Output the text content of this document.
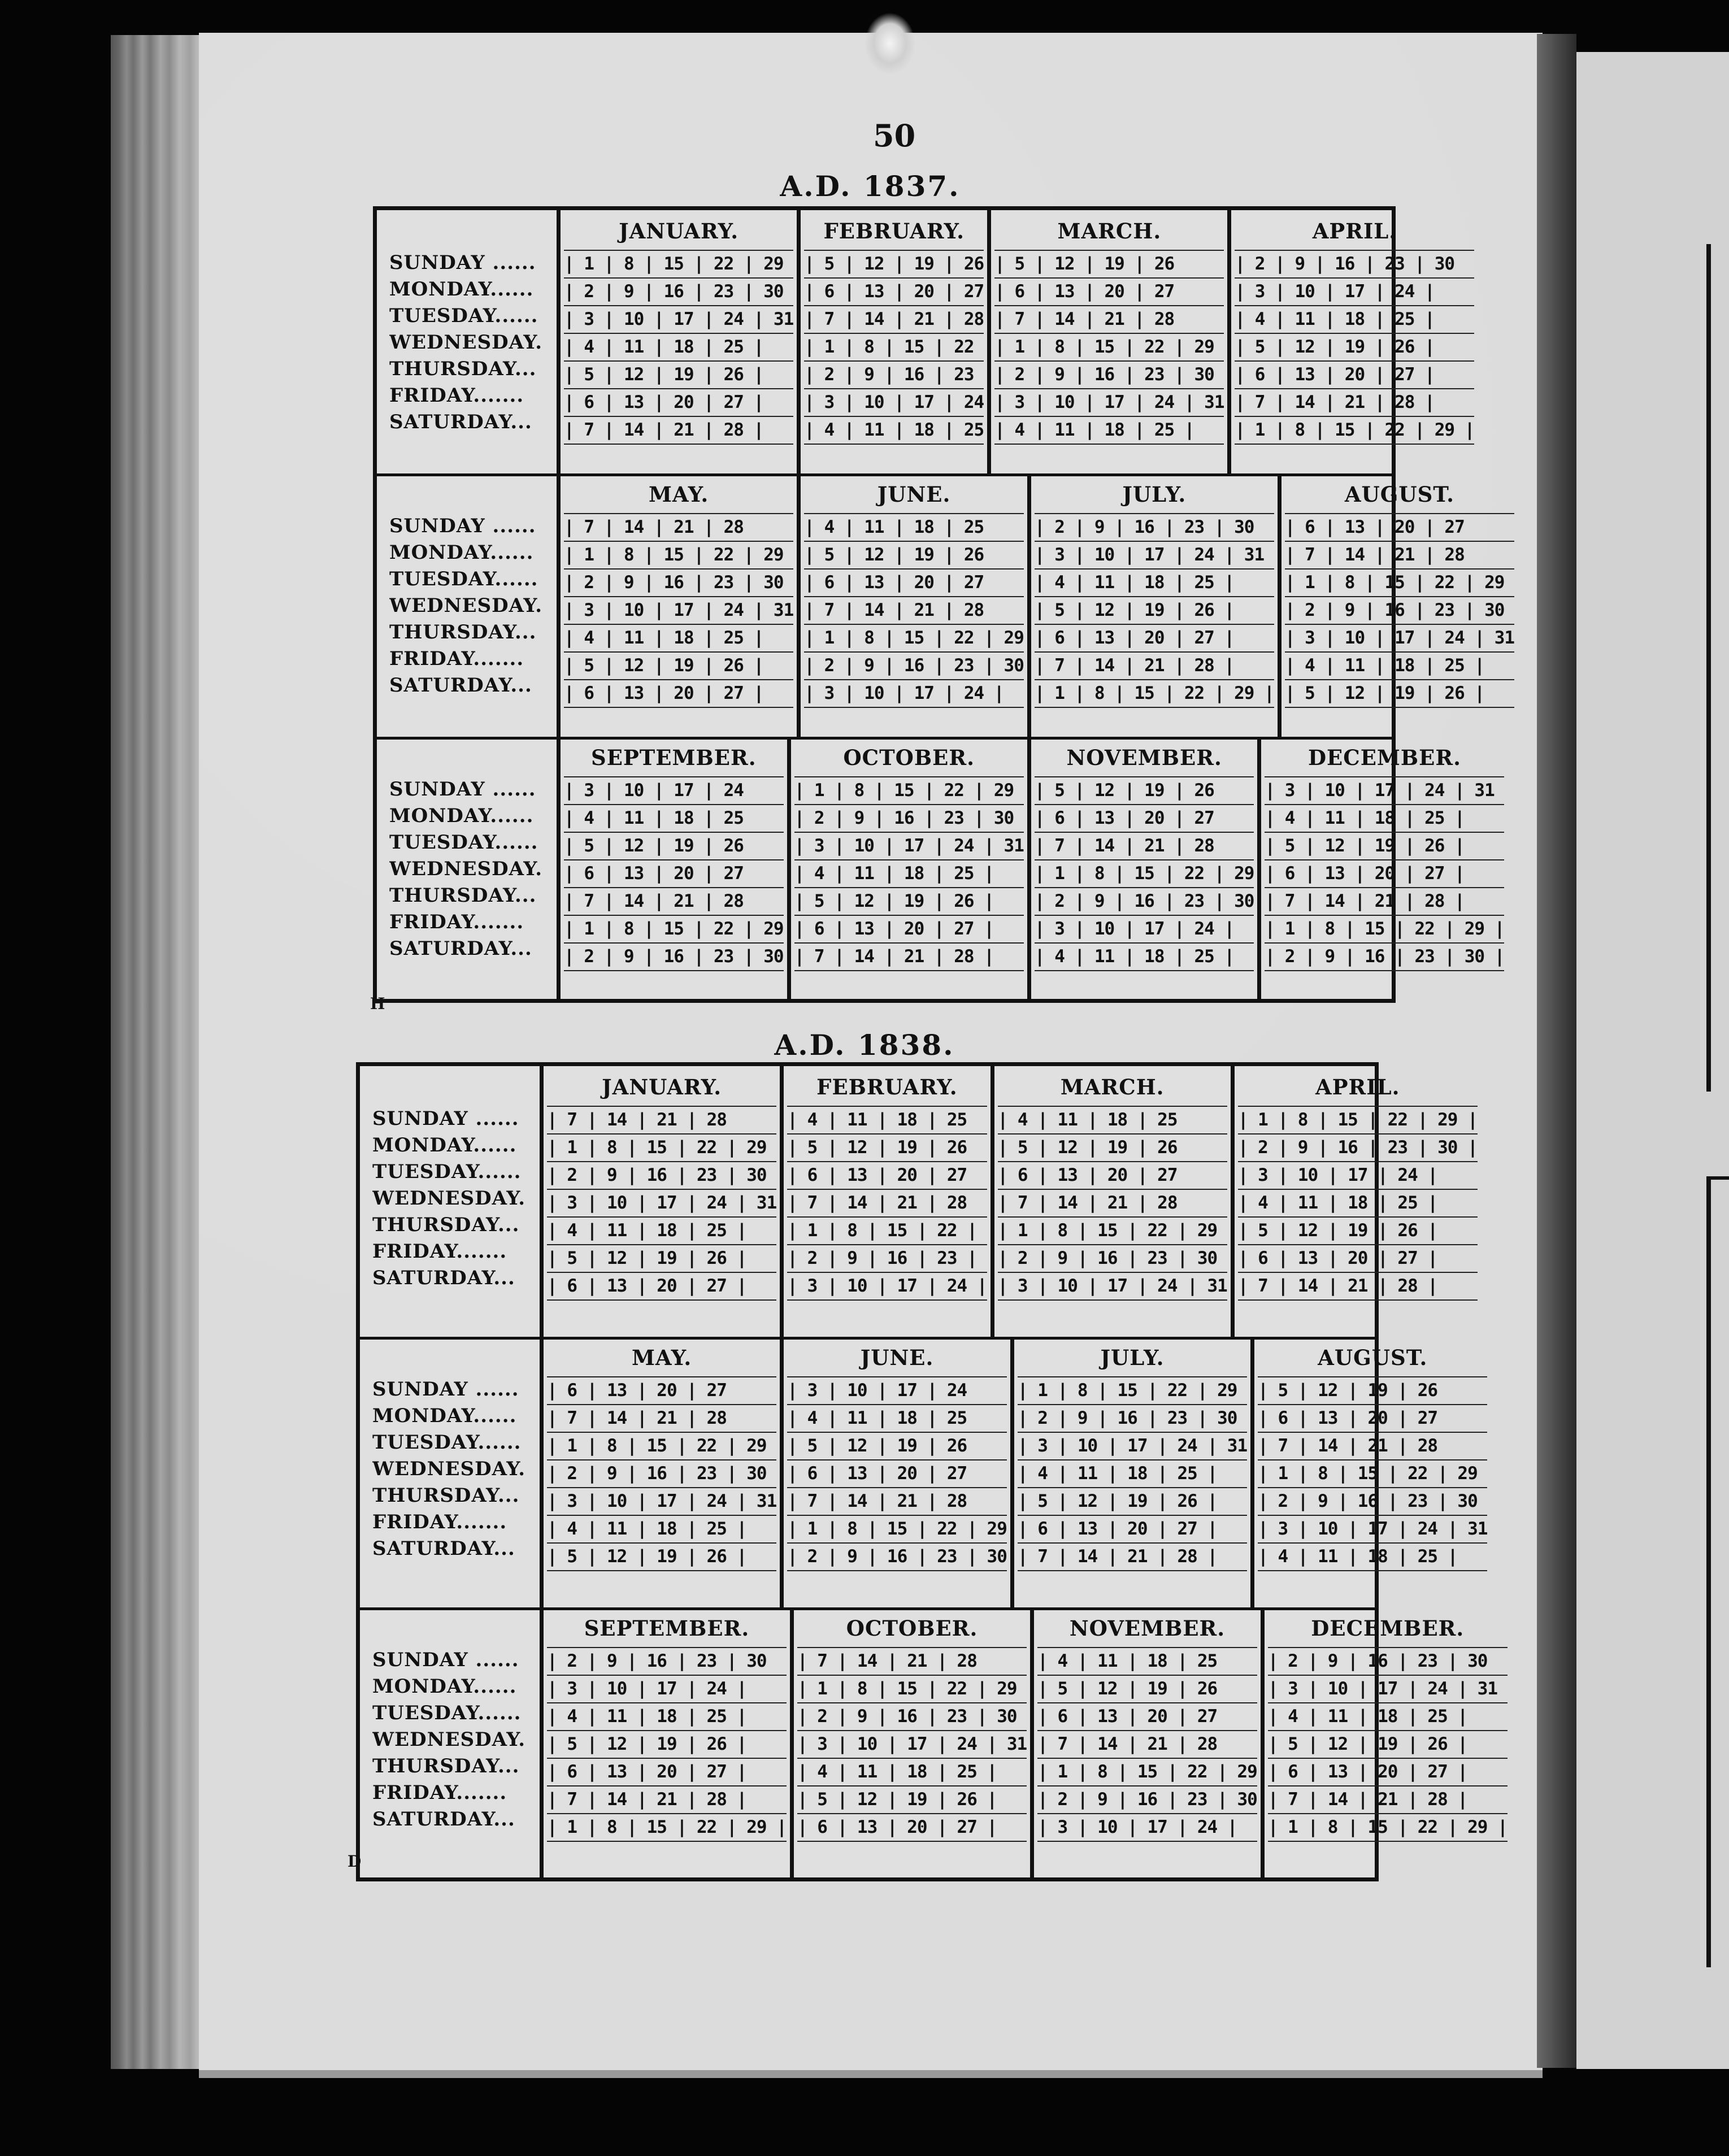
50
A.D. 1837.
SUNDAY ......
MONDAY......
TUESDAY......
WEDNESDAY.
THURSDAY...
FRIDAY.......
SATURDAY...
JANUARY.
| 1 | 8 | 15 | 22 | 29
| 2 | 9 | 16 | 23 | 30
| 3 | 10 | 17 | 24 | 31
| 4 | 11 | 18 | 25 |
| 5 | 12 | 19 | 26 |
| 6 | 13 | 20 | 27 |
| 7 | 14 | 21 | 28 |
FEBRUARY.
| 5 | 12 | 19 | 26
| 6 | 13 | 20 | 27
| 7 | 14 | 21 | 28
| 1 | 8 | 15 | 22
| 2 | 9 | 16 | 23
| 3 | 10 | 17 | 24
| 4 | 11 | 18 | 25
MARCH.
| 5 | 12 | 19 | 26
| 6 | 13 | 20 | 27
| 7 | 14 | 21 | 28
| 1 | 8 | 15 | 22 | 29
| 2 | 9 | 16 | 23 | 30
| 3 | 10 | 17 | 24 | 31
| 4 | 11 | 18 | 25 |
APRIL.
| 2 | 9 | 16 | 23 | 30
| 3 | 10 | 17 | 24 |
| 4 | 11 | 18 | 25 |
| 5 | 12 | 19 | 26 |
| 6 | 13 | 20 | 27 |
| 7 | 14 | 21 | 28 |
| 1 | 8 | 15 | 22 | 29 |
SUNDAY ......
MONDAY......
TUESDAY......
WEDNESDAY.
THURSDAY...
FRIDAY.......
SATURDAY...
MAY.
| 7 | 14 | 21 | 28
| 1 | 8 | 15 | 22 | 29
| 2 | 9 | 16 | 23 | 30
| 3 | 10 | 17 | 24 | 31
| 4 | 11 | 18 | 25 |
| 5 | 12 | 19 | 26 |
| 6 | 13 | 20 | 27 |
JUNE.
| 4 | 11 | 18 | 25
| 5 | 12 | 19 | 26
| 6 | 13 | 20 | 27
| 7 | 14 | 21 | 28
| 1 | 8 | 15 | 22 | 29
| 2 | 9 | 16 | 23 | 30
| 3 | 10 | 17 | 24 |
JULY.
| 2 | 9 | 16 | 23 | 30
| 3 | 10 | 17 | 24 | 31
| 4 | 11 | 18 | 25 |
| 5 | 12 | 19 | 26 |
| 6 | 13 | 20 | 27 |
| 7 | 14 | 21 | 28 |
| 1 | 8 | 15 | 22 | 29 |
AUGUST.
| 6 | 13 | 20 | 27
| 7 | 14 | 21 | 28
| 1 | 8 | 15 | 22 | 29
| 2 | 9 | 16 | 23 | 30
| 3 | 10 | 17 | 24 | 31
| 4 | 11 | 18 | 25 |
| 5 | 12 | 19 | 26 |
SUNDAY ......
MONDAY......
TUESDAY......
WEDNESDAY.
THURSDAY...
FRIDAY.......
SATURDAY...
SEPTEMBER.
| 3 | 10 | 17 | 24
| 4 | 11 | 18 | 25
| 5 | 12 | 19 | 26
| 6 | 13 | 20 | 27
| 7 | 14 | 21 | 28
| 1 | 8 | 15 | 22 | 29
| 2 | 9 | 16 | 23 | 30
OCTOBER.
| 1 | 8 | 15 | 22 | 29
| 2 | 9 | 16 | 23 | 30
| 3 | 10 | 17 | 24 | 31
| 4 | 11 | 18 | 25 |
| 5 | 12 | 19 | 26 |
| 6 | 13 | 20 | 27 |
| 7 | 14 | 21 | 28 |
NOVEMBER.
| 5 | 12 | 19 | 26
| 6 | 13 | 20 | 27
| 7 | 14 | 21 | 28
| 1 | 8 | 15 | 22 | 29
| 2 | 9 | 16 | 23 | 30
| 3 | 10 | 17 | 24 |
| 4 | 11 | 18 | 25 |
DECEMBER.
| 3 | 10 | 17 | 24 | 31
| 4 | 11 | 18 | 25 |
| 5 | 12 | 19 | 26 |
| 6 | 13 | 20 | 27 |
| 7 | 14 | 21 | 28 |
| 1 | 8 | 15 | 22 | 29 |
| 2 | 9 | 16 | 23 | 30 |
H
A.D. 1838.
SUNDAY ......
MONDAY......
TUESDAY......
WEDNESDAY.
THURSDAY...
FRIDAY.......
SATURDAY...
JANUARY.
| 7 | 14 | 21 | 28
| 1 | 8 | 15 | 22 | 29
| 2 | 9 | 16 | 23 | 30
| 3 | 10 | 17 | 24 | 31
| 4 | 11 | 18 | 25 |
| 5 | 12 | 19 | 26 |
| 6 | 13 | 20 | 27 |
FEBRUARY.
| 4 | 11 | 18 | 25
| 5 | 12 | 19 | 26
| 6 | 13 | 20 | 27
| 7 | 14 | 21 | 28
| 1 | 8 | 15 | 22 |
| 2 | 9 | 16 | 23 |
| 3 | 10 | 17 | 24 |
MARCH.
| 4 | 11 | 18 | 25
| 5 | 12 | 19 | 26
| 6 | 13 | 20 | 27
| 7 | 14 | 21 | 28
| 1 | 8 | 15 | 22 | 29
| 2 | 9 | 16 | 23 | 30
| 3 | 10 | 17 | 24 | 31
APRIL.
| 1 | 8 | 15 | 22 | 29 |
| 2 | 9 | 16 | 23 | 30 |
| 3 | 10 | 17 | 24 |
| 4 | 11 | 18 | 25 |
| 5 | 12 | 19 | 26 |
| 6 | 13 | 20 | 27 |
| 7 | 14 | 21 | 28 |
SUNDAY ......
MONDAY......
TUESDAY......
WEDNESDAY.
THURSDAY...
FRIDAY.......
SATURDAY...
MAY.
| 6 | 13 | 20 | 27
| 7 | 14 | 21 | 28
| 1 | 8 | 15 | 22 | 29
| 2 | 9 | 16 | 23 | 30
| 3 | 10 | 17 | 24 | 31
| 4 | 11 | 18 | 25 |
| 5 | 12 | 19 | 26 |
JUNE.
| 3 | 10 | 17 | 24
| 4 | 11 | 18 | 25
| 5 | 12 | 19 | 26
| 6 | 13 | 20 | 27
| 7 | 14 | 21 | 28
| 1 | 8 | 15 | 22 | 29
| 2 | 9 | 16 | 23 | 30
JULY.
| 1 | 8 | 15 | 22 | 29
| 2 | 9 | 16 | 23 | 30
| 3 | 10 | 17 | 24 | 31
| 4 | 11 | 18 | 25 |
| 5 | 12 | 19 | 26 |
| 6 | 13 | 20 | 27 |
| 7 | 14 | 21 | 28 |
AUGUST.
| 5 | 12 | 19 | 26
| 6 | 13 | 20 | 27
| 7 | 14 | 21 | 28
| 1 | 8 | 15 | 22 | 29
| 2 | 9 | 16 | 23 | 30
| 3 | 10 | 17 | 24 | 31
| 4 | 11 | 18 | 25 |
SUNDAY ......
MONDAY......
TUESDAY......
WEDNESDAY.
THURSDAY...
FRIDAY.......
SATURDAY...
SEPTEMBER.
| 2 | 9 | 16 | 23 | 30
| 3 | 10 | 17 | 24 |
| 4 | 11 | 18 | 25 |
| 5 | 12 | 19 | 26 |
| 6 | 13 | 20 | 27 |
| 7 | 14 | 21 | 28 |
| 1 | 8 | 15 | 22 | 29 |
OCTOBER.
| 7 | 14 | 21 | 28
| 1 | 8 | 15 | 22 | 29
| 2 | 9 | 16 | 23 | 30
| 3 | 10 | 17 | 24 | 31
| 4 | 11 | 18 | 25 |
| 5 | 12 | 19 | 26 |
| 6 | 13 | 20 | 27 |
NOVEMBER.
| 4 | 11 | 18 | 25
| 5 | 12 | 19 | 26
| 6 | 13 | 20 | 27
| 7 | 14 | 21 | 28
| 1 | 8 | 15 | 22 | 29
| 2 | 9 | 16 | 23 | 30
| 3 | 10 | 17 | 24 |
DECEMBER.
| 2 | 9 | 16 | 23 | 30
| 3 | 10 | 17 | 24 | 31
| 4 | 11 | 18 | 25 |
| 5 | 12 | 19 | 26 |
| 6 | 13 | 20 | 27 |
| 7 | 14 | 21 | 28 |
| 1 | 8 | 15 | 22 | 29 |
D
